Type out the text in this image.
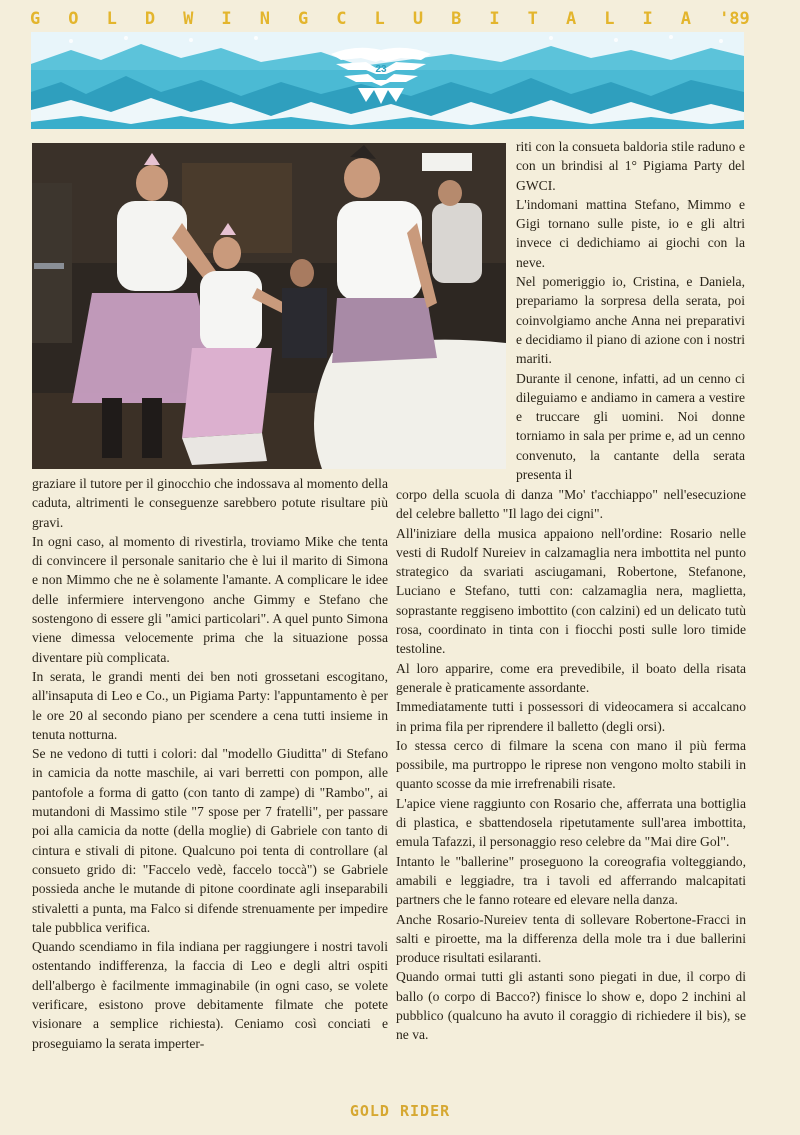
G O L D W I N G C L U B I T A L I A '89
23

riti con la consueta baldoria stile raduno e con un brindisi al 1° Pigiama Party del GWCI.

L'indomani mattina Stefano, Mimmo e Gigi tornano sulle piste, io e gli altri invece ci dedichiamo ai giochi con la neve.

Nel pomeriggio io, Cristina, e Daniela, prepariamo la sorpresa della serata, poi coinvolgiamo anche Anna nei preparativi e decidiamo il piano di azione con i nostri mariti.

Durante il cenone, infatti, ad un cenno ci dileguiamo e andiamo in camera a vestire e truccare gli uomini. Noi donne torniamo in sala per prime e, ad un cenno convenuto, la cantante della serata presenta il

graziare il tutore per il ginocchio che indossava al momento della caduta, altrimenti le conseguenze sarebbero potute risultare più gravi.

In ogni caso, al momento di rivestirla, troviamo Mike che tenta di convincere il personale sanitario che è lui il marito di Simona e non Mimmo che ne è solamente l'amante. A complicare le idee delle infermiere intervengono anche Gimmy e Stefano che sostengono di essere gli "amici particolari". A quel punto Simona viene dimessa velocemente prima che la situazione possa diventare più complicata.

In serata, le grandi menti dei ben noti grossetani escogitano, all'insaputa di Leo e Co., un Pigiama Party: l'appuntamento è per le ore 20 al secondo piano per scendere a cena tutti insieme in tenuta notturna.

Se ne vedono di tutti i colori: dal "modello Giuditta" di Stefano in camicia da notte maschile, ai vari berretti con pompon, alle pantofole a forma di gatto (con tanto di zampe) di "Rambo", ai mutandoni di Massimo stile "7 spose per 7 fratelli", per passare poi alla camicia da notte (della moglie) di Gabriele con tanto di cintura e stivali di pitone. Qualcuno poi tenta di controllare (al consueto grido di: "Faccelo vedè, faccelo toccà") se Gabriele possieda anche le mutande di pitone coordinate agli inseparabili stivaletti a punta, ma Falco si difende strenuamente per impedire tale pubblica verifica.

Quando scendiamo in fila indiana per raggiungere i nostri tavoli ostentando indifferenza, la faccia di Leo e degli altri ospiti dell'albergo è facilmente immaginabile (in ogni caso, se volete verificare, esistono prove debitamente filmate che potete visionare a semplice richiesta). Ceniamo così conciati e proseguiamo la serata imperter-

corpo della scuola di danza "Mo' t'acchiappo" nell'esecuzione del celebre balletto "Il lago dei cigni".

All'iniziare della musica appaiono nell'ordine: Rosario nelle vesti di Rudolf Nureiev in calzamaglia nera imbottita nel punto strategico da svariati asciugamani, Robertone, Stefanone, Luciano e Stefano, tutti con: calzamaglia nera, maglietta, soprastante reggiseno imbottito (con calzini) ed un delicato tutù rosa, coordinato in tinta con i fiocchi posti sulle loro timide testoline.

Al loro apparire, come era prevedibile, il boato della risata generale è praticamente assordante.

Immediatamente tutti i possessori di videocamera si accalcano in prima fila per riprendere il balletto (degli orsi).

Io stessa cerco di filmare la scena con mano il più ferma possibile, ma purtroppo le riprese non vengono molto stabili in quanto scosse da mie irrefrenabili risate.

L'apice viene raggiunto con Rosario che, afferrata una bottiglia di plastica, e sbattendosela ripetutamente sull'area imbottita, emula Tafazzi, il personaggio reso celebre da "Mai dire Gol".

Intanto le "ballerine" proseguono la coreografia volteggiando, amabili e leggiadre, tra i tavoli ed afferrando malcapitati partners che le fanno roteare ed elevare nella danza.

Anche Rosario-Nureiev tenta di sollevare Robertone-Fracci in salti e piroette, ma la differenza della mole tra i due ballerini produce risultati esilaranti.

Quando ormai tutti gli astanti sono piegati in due, il corpo di ballo (o corpo di Bacco?) finisce lo show e, dopo 2 inchini al pubblico (qualcuno ha avuto il coraggio di richiedere il bis), se ne va.

GOLD RIDER
